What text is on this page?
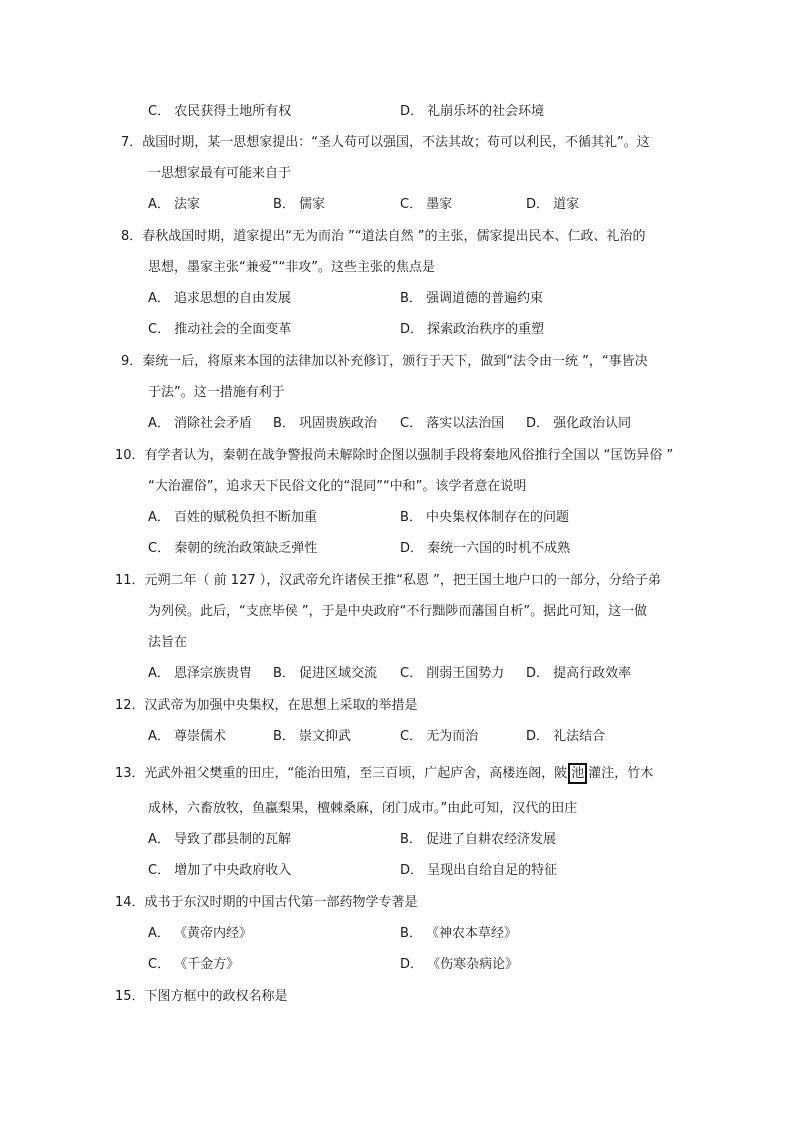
C． 农民获得土地所有权	D． 礼崩乐坏的社会环境
7．战国时期，某一思想家提出：“圣人苟可以强国，不法其故；苟可以利民，不循其礼”。这
一思想家最有可能来自于
A． 法家	B． 儒家	C． 墨家	D． 道家
8．春秋战国时期，道家提出“无为而治 ”“道法自然 ”的主张，儒家提出民本、仁政、礼治的
思想，墨家主张“兼爱”“非攻”。这些主张的焦点是
A． 追求思想的自由发展	B． 强调道德的普遍约束
C． 推动社会的全面变革	D． 探索政治秩序的重塑
9．秦统一后，将原来本国的法律加以补充修订，颁行于天下，做到“法令由一统 ”，“事皆决
于法”。这一措施有利于
A． 消除社会矛盾 B． 巩固贵族政治 C． 落实以法治国 D． 强化政治认同
10．有学者认为，秦朝在战争警报尚未解除时企图以强制手段将秦地风俗推行全国以 “匡饬异俗 ”
“大治濯俗”，追求天下民俗文化的“混同”“中和”。该学者意在说明
A． 百姓的赋税负担不断加重	B． 中央集权体制存在的问题
C． 秦朝的统治政策缺乏弹性	D． 秦统一六国的时机不成熟
11．元朔二年（ 前 127 ），汉武帝允许诸侯王推“私恩 ”，把王国土地户口的一部分，分给子弟
为列侯。此后，“支庶毕侯 ”，于是中央政府“不行黜陟而藩国自析”。据此可知，这一做
法旨在
A． 恩泽宗族贵胄 B． 促进区域交流 C． 削弱王国势力 D． 提高行政效率
12．汉武帝为加强中央集权，在思想上采取的举措是
A． 尊崇儒术	B． 崇文抑武	C． 无为而治	D． 礼法结合
13．光武外祖父樊重的田庄，“能治田殖，至三百顷，广起庐舍，高楼连阁，陂 池 灌注，竹木
成林，六畜放牧，鱼蠃梨果，檀棘桑麻，闭门成市。”由此可知，汉代的田庄
A． 导致了郡县制的瓦解	B． 促进了自耕农经济发展
C． 增加了中央政府收入	D． 呈现出自给自足的特征
14．成书于东汉时期的中国古代第一部药物学专著是
A． 《黄帝内经》	B． 《神农本草经》
C． 《千金方》	D． 《伤寒杂病论》
15．下图方框中的政权名称是
